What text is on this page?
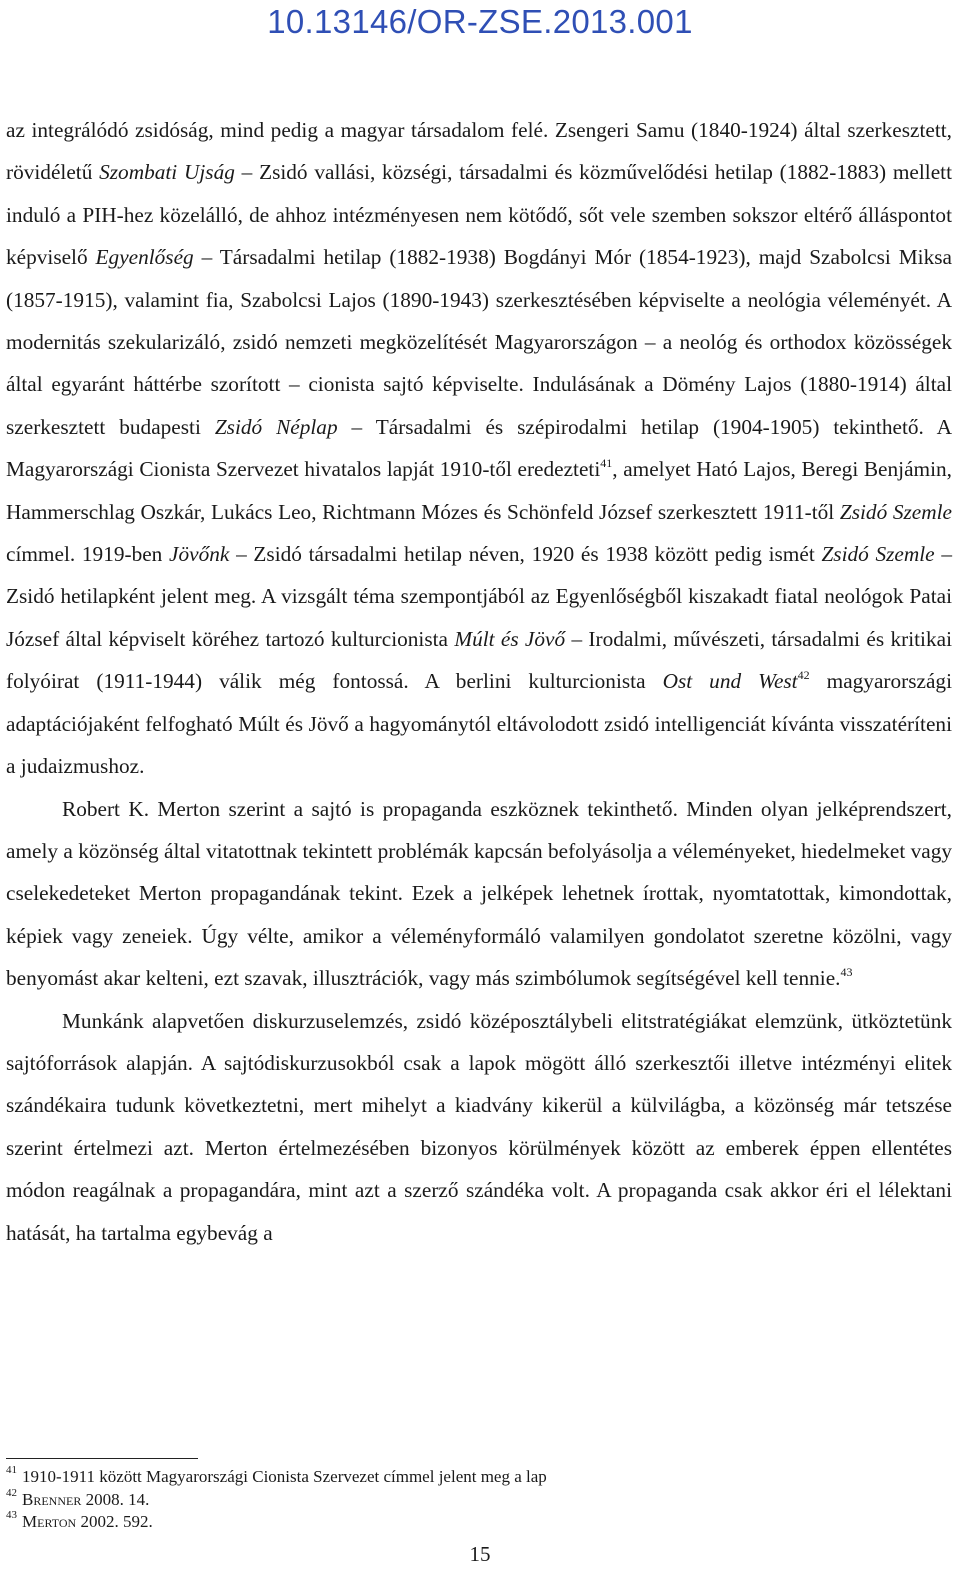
10.13146/OR-ZSE.2013.001

az integrálódó zsidóság, mind pedig a magyar társadalom felé. Zsengeri Samu (1840-1924) által szerkesztett, rövidéletű Szombati Ujság – Zsidó vallási, községi, társadalmi és közművelődési hetilap (1882-1883) mellett induló a PIH-hez közelálló, de ahhoz intézményesen nem kötődő, sőt vele szemben sokszor eltérő álláspontot képviselő Egyenlőség – Társadalmi hetilap (1882-1938) Bogdányi Mór (1854-1923), majd Szabolcsi Miksa (1857-1915), valamint fia, Szabolcsi Lajos (1890-1943) szerkesztésében képviselte a neológia véleményét. A modernitás szekularizáló, zsidó nemzeti megközelítését Magyarországon – a neológ és orthodox közösségek által egyaránt háttérbe szorított – cionista sajtó képviselte. Indulásának a Dömény Lajos (1880-1914) által szerkesztett budapesti Zsidó Néplap – Társadalmi és szépirodalmi hetilap (1904-1905) tekinthető. A Magyarországi Cionista Szervezet hivatalos lapját 1910-től eredezteti$^{41}$, amelyet Ható Lajos, Beregi Benjámin, Hammerschlag Oszkár, Lukács Leo, Richtmann Mózes és Schönfeld József szerkesztett 1911-től Zsidó Szemle címmel. 1919-ben Jövőnk – Zsidó társadalmi hetilap néven, 1920 és 1938 között pedig ismét Zsidó Szemle – Zsidó hetilapként jelent meg. A vizsgált téma szempontjából az Egyenlőségből kiszakadt fiatal neológok Patai József által képviselt köréhez tartozó kulturcionista Múlt és Jövő – Irodalmi, művészeti, társadalmi és kritikai folyóirat (1911-1944) válik még fontossá. A berlini kulturcionista Ost und West$^{42}$ magyarországi adaptációjaként felfogható Múlt és Jövő a hagyománytól eltávolodott zsidó intelligenciát kívánta visszatéríteni a judaizmushoz.

Robert K. Merton szerint a sajtó is propaganda eszköznek tekinthető. Minden olyan jelképrendszert, amely a közönség által vitatottnak tekintett problémák kapcsán befolyásolja a véleményeket, hiedelmeket vagy cselekedeteket Merton propagandának tekint. Ezek a jelképek lehetnek írottak, nyomtatottak, kimondottak, képiek vagy zeneiek. Úgy vélte, amikor a véleményformáló valamilyen gondolatot szeretne közölni, vagy benyomást akar kelteni, ezt szavak, illusztrációk, vagy más szimbólumok segítségével kell tennie.$^{43}$

Munkánk alapvetően diskurzuselemzés, zsidó középosztálybeli elitstratégiákat elemzünk, ütköztetünk sajtóforrások alapján. A sajtódiskurzusokból csak a lapok mögött álló szerkesztői illetve intézményi elitek szándékaira tudunk következtetni, mert mihelyt a kiadvány kikerül a külvilágba, a közönség már tetszése szerint értelmezi azt. Merton értelmezésében bizonyos körülmények között az emberek éppen ellentétes módon reagálnak a propagandára, mint azt a szerző szándéka volt. A propaganda csak akkor éri el lélektani hatását, ha tartalma egybevág a

$^{41}$ 1910-1911 között Magyarországi Cionista Szervezet címmel jelent meg a lap
$^{42}$ Brenner 2008. 14.
$^{43}$ Merton 2002. 592.
15
